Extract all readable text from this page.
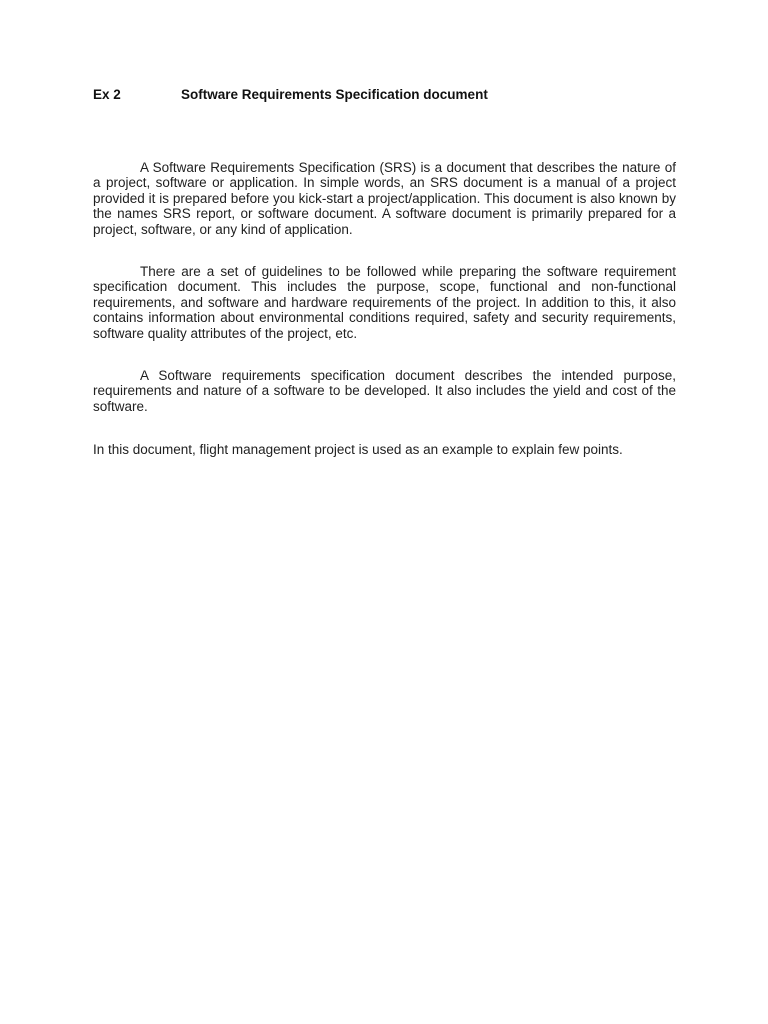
Ex 2	Software Requirements Specification document

A Software Requirements Specification (SRS) is a document that describes the nature of a project, software or application. In simple words, an SRS document is a manual of a project provided it is prepared before you kick-start a project/application. This document is also known by the names SRS report, or software document. A software document is primarily prepared for a project, software, or any kind of application.

There are a set of guidelines to be followed while preparing the software requirement specification document. This includes the purpose, scope, functional and non-functional requirements, and software and hardware requirements of the project. In addition to this, it also contains information about environmental conditions required, safety and security requirements, software quality attributes of the project, etc.

A Software requirements specification document describes the intended purpose, requirements and nature of a software to be developed. It also includes the yield and cost of the software.

In this document, flight management project is used as an example to explain few points.
